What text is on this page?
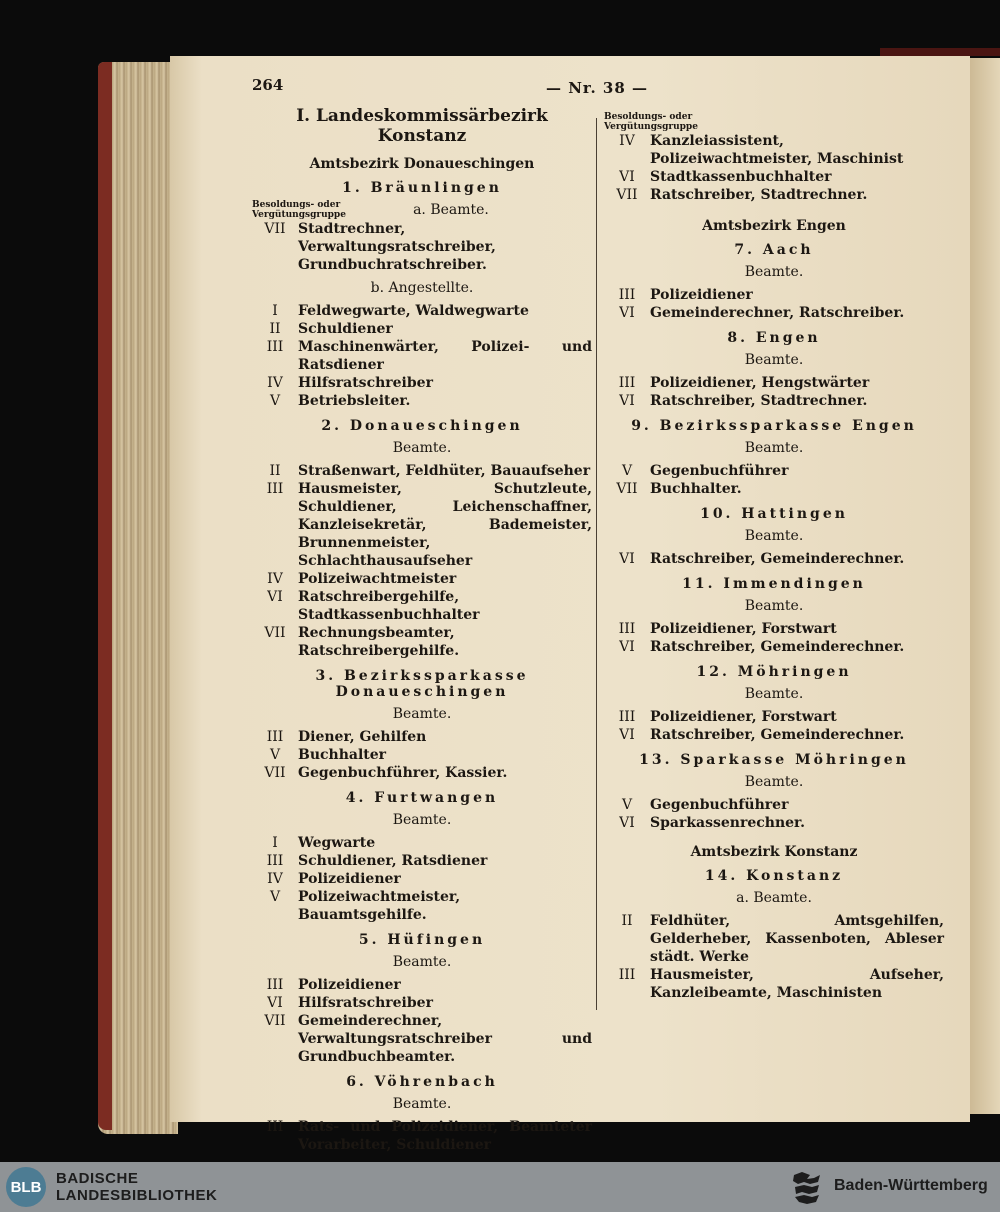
264	— Nr. 38 —
I. Landeskommissärbezirk Konstanz
Amtsbezirk Donaueschingen
1. Bräunlingen
Besoldungs- oder
Vergütungsgruppe	a. Beamte.
VII Stadtrechner, Verwaltungsratschreiber, Grundbuchratschreiber.
b. Angestellte.
I	Feldwegwarte, Waldwegwarte
II	Schuldiener
III	Maschinenwärter, Polizei- und Ratsdiener
IV	Hilfsratschreiber
V	Betriebsleiter.
2. Donaueschingen
Beamte.
II	Straßenwart, Feldhüter, Bauaufseher
III	Hausmeister, Schutzleute, Schuldiener, Leichenschaffner, Kanzleisekretär, Bademeister, Brunnenmeister, Schlachthausaufseher
IV	Polizeiwachtmeister
VI	Ratschreibergehilfe, Stadtkassenbuchhalter
VII Rechnungsbeamter, Ratschreibergehilfe.
3. Bezirkssparkasse Donaueschingen
Beamte.
III	Diener, Gehilfen
V	Buchhalter
VII Gegenbuchführer, Kassier.
4. Furtwangen
Beamte.
I	Wegwarte
III	Schuldiener, Ratsdiener
IV	Polizeidiener
V	Polizeiwachtmeister, Bauamtsgehilfe.
5. Hüfingen
Beamte.
III	Polizeidiener
VI	Hilfsratschreiber
VII Gemeinderechner, Verwaltungsratschreiber und Grundbuchbeamter.
6. Vöhrenbach
Beamte.
III	Rats- und Polizeidiener, Beamteter Vorarbeiter, Schuldiener
Besoldungs- oder
Vergütungsgruppe
IV	Kanzleiassistent, Polizeiwachtmeister, Maschinist
VI	Stadtkassenbuchhalter
VII Ratschreiber, Stadtrechner.
Amtsbezirk Engen
7. Aach
Beamte.
III	Polizeidiener
VI	Gemeinderechner, Ratschreiber.
8. Engen
Beamte.
III	Polizeidiener, Hengstwärter
VI	Ratschreiber, Stadtrechner.
9. Bezirkssparkasse Engen
Beamte.
V	Gegenbuchführer
VII Buchhalter.
10. Hattingen
Beamte.
VI	Ratschreiber, Gemeinderechner.
11. Immendingen
Beamte.
III	Polizeidiener, Forstwart
VI	Ratschreiber, Gemeinderechner.
12. Möhringen
Beamte.
III	Polizeidiener, Forstwart
VI	Ratschreiber, Gemeinderechner.
13. Sparkasse Möhringen
Beamte.
V	Gegenbuchführer
VI	Sparkassenrechner.
Amtsbezirk Konstanz
14. Konstanz
a. Beamte.
II	Feldhüter, Amtsgehilfen, Gelderheber, Kassenboten, Ableser städt. Werke
III	Hausmeister, Aufseher, Kanzleibeamte, Maschinisten
BLB BADISCHE
LANDESBIBLIOTHEK
Baden-Württemberg
